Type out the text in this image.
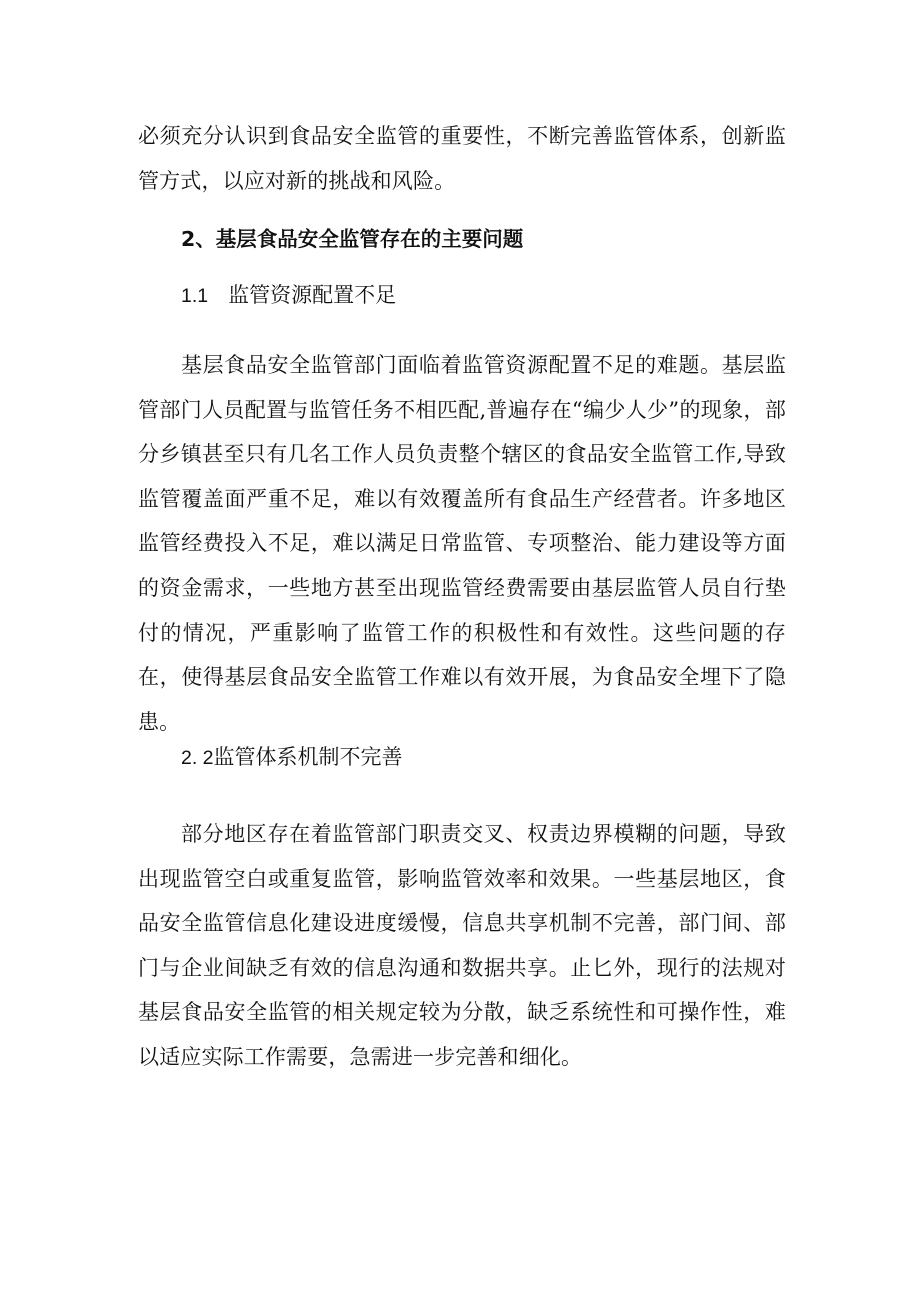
必须充分认识到食品安全监管的重要性，不断完善监管体系，创新监管方式，以应对新的挑战和风险。

2、基层食品安全监管存在的主要问题

1.1 监管资源配置不足

基层食品安全监管部门面临着监管资源配置不足的难题。基层监管部门人员配置与监管任务不相匹配,普遍存在“编少人少”的现象，部分乡镇甚至只有几名工作人员负责整个辖区的食品安全监管工作,导致监管覆盖面严重不足，难以有效覆盖所有食品生产经营者。许多地区监管经费投入不足，难以满足日常监管、专项整治、能力建设等方面的资金需求，一些地方甚至出现监管经费需要由基层监管人员自行垫付的情况，严重影响了监管工作的积极性和有效性。这些问题的存在，使得基层食品安全监管工作难以有效开展，为食品安全埋下了隐患。

2. 2监管体系机制不完善

部分地区存在着监管部门职责交叉、权责边界模糊的问题，导致出现监管空白或重复监管，影响监管效率和效果。一些基层地区，食品安全监管信息化建设进度缓慢，信息共享机制不完善，部门间、部门与企业间缺乏有效的信息沟通和数据共享。止匕外，现行的法规对基层食品安全监管的相关规定较为分散，缺乏系统性和可操作性，难以适应实际工作需要，急需进一步完善和细化。
